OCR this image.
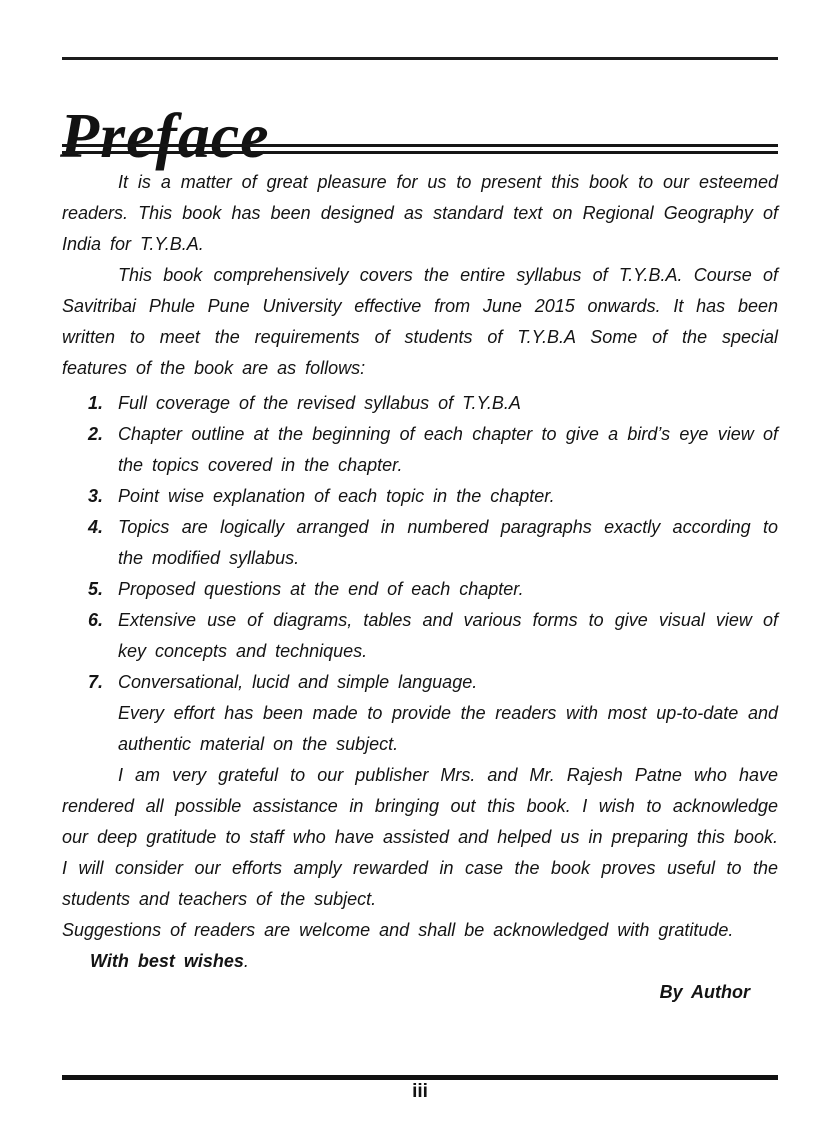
Preface

It is a matter of great pleasure for us to present this book to our esteemed readers. This book has been designed as standard text on Regional Geography of India for T.Y.B.A.

This book comprehensively covers the entire syllabus of T.Y.B.A. Course of Savitribai Phule Pune University effective from June 2015 onwards. It has been written to meet the requirements of students of T.Y.B.A Some of the special features of the book are as follows:

1. Full coverage of the revised syllabus of T.Y.B.A
2. Chapter outline at the beginning of each chapter to give a bird’s eye view of the topics covered in the chapter.
3. Point wise explanation of each topic in the chapter.
4. Topics are logically arranged in numbered paragraphs exactly according to the modified syllabus.
5. Proposed questions at the end of each chapter.
6. Extensive use of diagrams, tables and various forms to give visual view of key concepts and techniques.
7. Conversational, lucid and simple language.

Every effort has been made to provide the readers with most up-to-date and authentic material on the subject.

I am very grateful to our publisher Mrs. and Mr. Rajesh Patne who have rendered all possible assistance in bringing out this book. I wish to acknowledge our deep gratitude to staff who have assisted and helped us in preparing this book. I will consider our efforts amply rewarded in case the book proves useful to the students and teachers of the subject.

Suggestions of readers are welcome and shall be acknowledged with gratitude.

With best wishes.

By Author

iii
